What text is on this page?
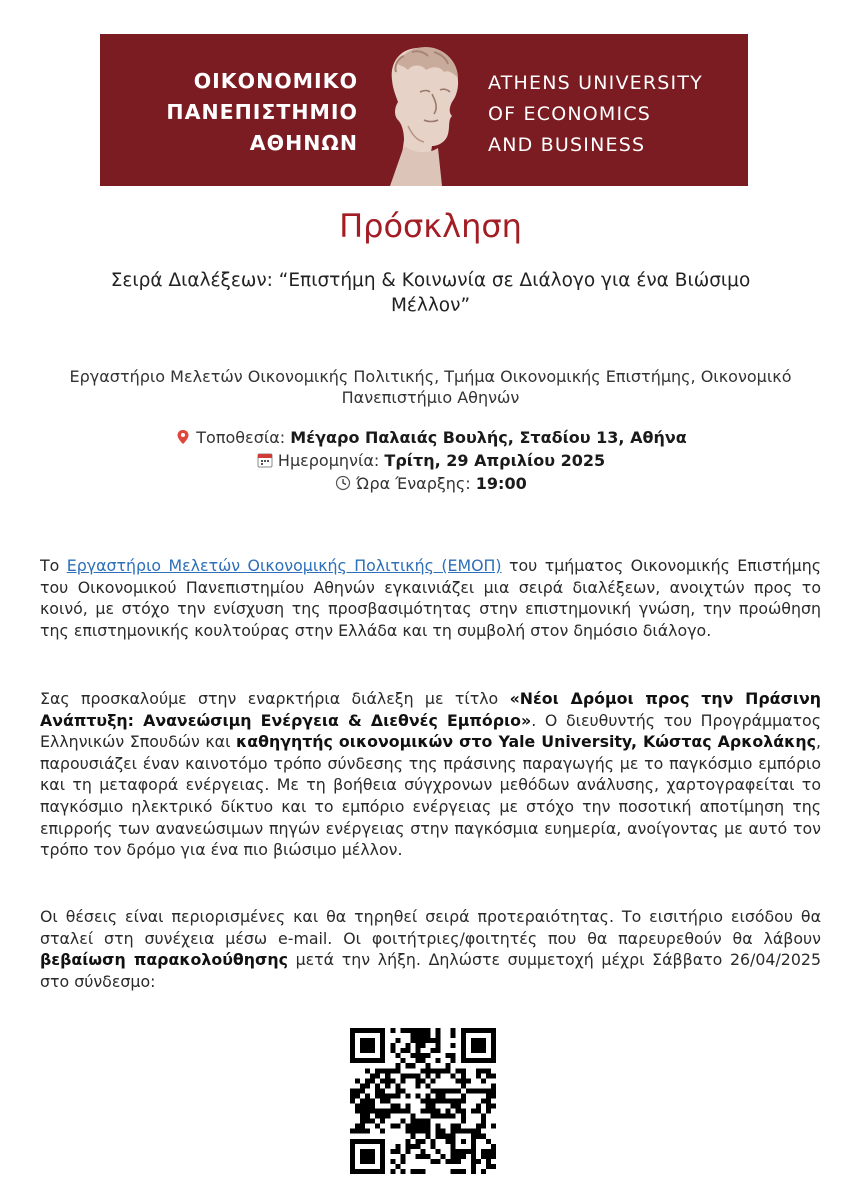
ΟΙΚΟΝΟΜΙΚΟ
ΠΑΝΕΠΙΣΤΗΜΙΟ
ΑΘΗΝΩΝ
ATHENS UNIVERSITY
OF ECONOMICS
AND BUSINESS
Πρόσκληση
Σειρά Διαλέξεων: “Επιστήμη & Κοινωνία σε Διάλογο για ένα Βιώσιμο Μέλλον”
Εργαστήριο Μελετών Οικονομικής Πολιτικής, Τμήμα Οικονομικής Επιστήμης, Οικονομικό Πανεπιστήμιο Αθηνών
Τοποθεσία: Μέγαρο Παλαιάς Βουλής, Σταδίου 13, Αθήνα
Ημερομηνία: Τρίτη, 29 Απριλίου 2025
Ώρα Έναρξης: 19:00
Το Εργαστήριο Μελετών Οικονομικής Πολιτικής (ΕΜΟΠ) του τμήματος Οικονομικής Επιστήμης του Οικονομικού Πανεπιστημίου Αθηνών εγκαινιάζει μια σειρά διαλέξεων, ανοιχτών προς το κοινό, με στόχο την ενίσχυση της προσβασιμότητας στην επιστημονική γνώση, την προώθηση της επιστημονικής κουλτούρας στην Ελλάδα και τη συμβολή στον δημόσιο διάλογο.
Σας προσκαλούμε στην εναρκτήρια διάλεξη με τίτλο «Νέοι Δρόμοι προς την Πράσινη Ανάπτυξη: Ανανεώσιμη Ενέργεια & Διεθνές Εμπόριο». Ο διευθυντής του Προγράμματος Ελληνικών Σπουδών και καθηγητής οικονομικών στο Yale University, Κώστας Αρκολάκης, παρουσιάζει έναν καινοτόμο τρόπο σύνδεσης της πράσινης παραγωγής με το παγκόσμιο εμπόριο και τη μεταφορά ενέργειας. Με τη βοήθεια σύγχρονων μεθόδων ανάλυσης, χαρτογραφείται το παγκόσμιο ηλεκτρικό δίκτυο και το εμπόριο ενέργειας με στόχο την ποσοτική αποτίμηση της επιρροής των ανανεώσιμων πηγών ενέργειας στην παγκόσμια ευημερία, ανοίγοντας με αυτό τον τρόπο τον δρόμο για ένα πιο βιώσιμο μέλλον.
Οι θέσεις είναι περιορισμένες και θα τηρηθεί σειρά προτεραιότητας. Το εισιτήριο εισόδου θα σταλεί στη συνέχεια μέσω e-mail. Οι φοιτήτριες/φοιτητές που θα παρευρεθούν θα λάβουν βεβαίωση παρακολούθησης μετά την λήξη. Δηλώστε συμμετοχή μέχρι Σάββατο 26/04/2025 στο σύνδεσμο:
